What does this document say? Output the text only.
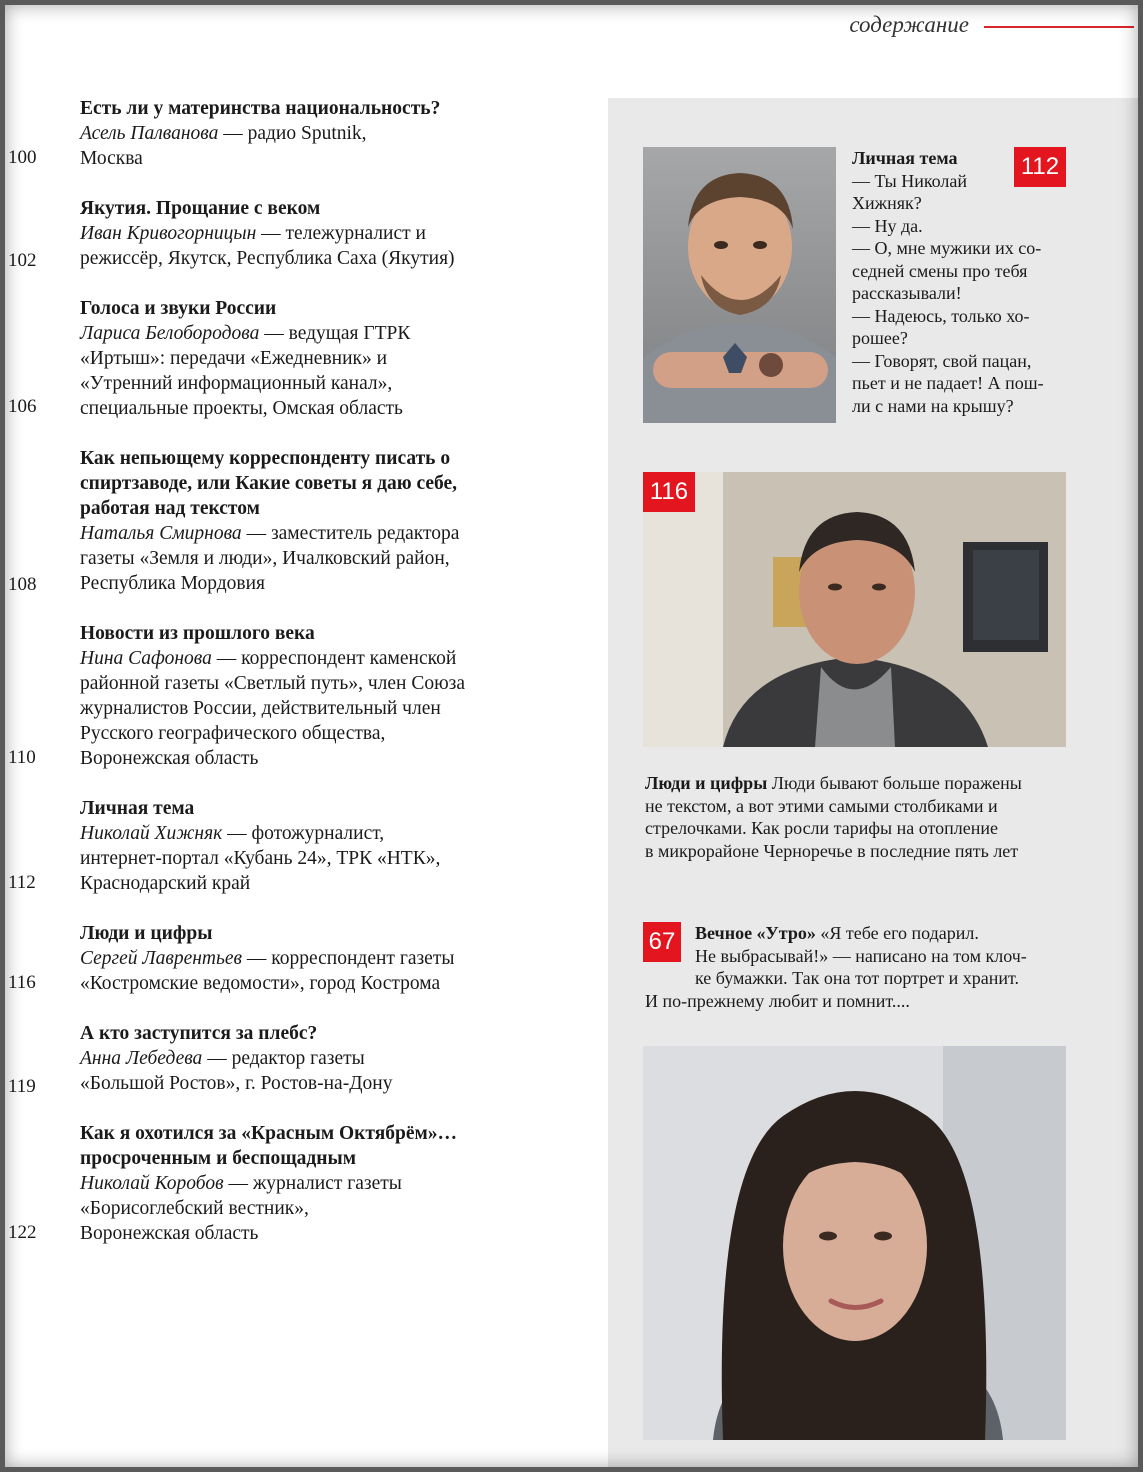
содержание
Есть ли у материнства национальность?
Асель Палванова — радио Sputnik,
Москва
100
Якутия. Прощание с веком
Иван Кривогорницын — тележурналист и
режиссёр, Якутск, Республика Саха (Якутия)
102
Голоса и звуки России
Лариса Белобородова — ведущая ГТРК
«Иртыш»: передачи «Ежедневник» и
«Утренний информационный канал»,
специальные проекты, Омская область
106
Как непьющему корреспонденту писать о
спиртзаводе, или Какие советы я даю себе,
работая над текстом
Наталья Смирнова — заместитель редактора
газеты «Земля и люди», Ичалковский район,
Республика Мордовия
108
Новости из прошлого века
Нина Сафонова — корреспондент каменской
районной газеты «Светлый путь», член Союза
журналистов России, действительный член
Русского географического общества,
Воронежская область
110
Личная тема
Николай Хижняк — фотожурналист,
интернет-портал «Кубань 24», ТРК «НТК»,
Краснодарский край
112
Люди и цифры
Сергей Лаврентьев — корреспондент газеты
«Костромские ведомости», город Кострома
116
А кто заступится за плебс?
Анна Лебедева — редактор газеты
«Большой Ростов», г. Ростов-на-Дону
119
Как я охотился за «Красным Октябрём»…
просроченным и беспощадным
Николай Коробов — журналист газеты
«Борисоглебский вестник»,
Воронежская область
122
112
Личная тема
— Ты Николай
Хижняк?
— Ну да.
— О, мне мужики их со-
седней смены про тебя
рассказывали!
— Надеюсь, только хо-
рошее?
— Говорят, свой пацан,
пьет и не падает! А пош-
ли с нами на крышу?
116
Люди и цифры Люди бывают больше поражены
не текстом, а вот этими самыми столбиками и
стрелочками. Как росли тарифы на отопление
в микрорайоне Черноречье в последние пять лет
67	Вечное «Утро» «Я тебе его подарил.
Не выбрасывай!» — написано на том клоч-
ке бумажки. Так она тот портрет и хранит.
И по-прежнему любит и помнит....
